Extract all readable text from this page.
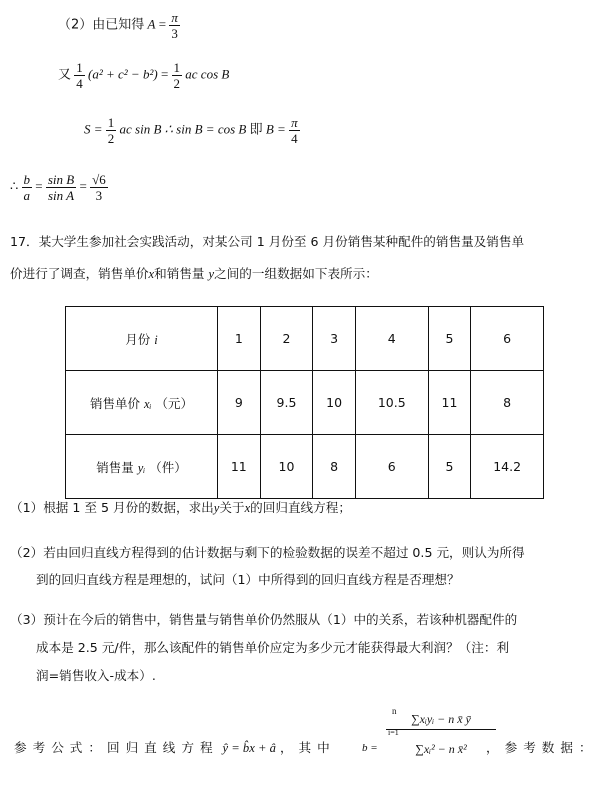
（2）由已知得 $A = \frac{\pi}{3}$
又 $\frac{1}{4} (a^2 + c^2 - b^2) = \frac{1}{2}$ ac cos B
$S = \frac{1}{2}$ ac sin B ∴ sin B = cos B 即 $B = \frac{\pi}{4}$
∴ $\frac{b}{a} = \frac{\text{sin B}}{\text{sin A}} = \frac{√6}{3}$
17．某大学生参加社会实践活动，对某公司 1 月份至 6 月份销售某种配件的销售量及销售单
价进行了调查，销售单价x和销售量 y之间的一组数据如下表所示：
月份 i	1	2	3	4	5	6
销售单价 xᵢ （元）	9	9.5	10	10.5	11	8
销售量 yᵢ （件）	11	10	8	6	5	14.2
（1）根据 1 至 5 月份的数据，求出y关于x的回归直线方程；
（2）若由回归直线方程得到的估计数据与剩下的检验数据的误差不超过 0.5 元，则认为所得
到的回归直线方程是理想的，试问（1）中所得到的回归直线方程是否理想？
（3）预计在今后的销售中，销售量与销售单价仍然服从（1）中的关系，若该种机器配件的
成本是 2.5 元/件，那么该配件的销售单价应定为多少元才能获得最大利润？（注：利
润=销售收入-成本）.
参考公式：回归直线方程 ŷ = b̂x + â ，其中 b =
n
∑xᵢyᵢ − n x̄ ȳ
i=1
∑xᵢ² − n x̄²	，参考数据：
